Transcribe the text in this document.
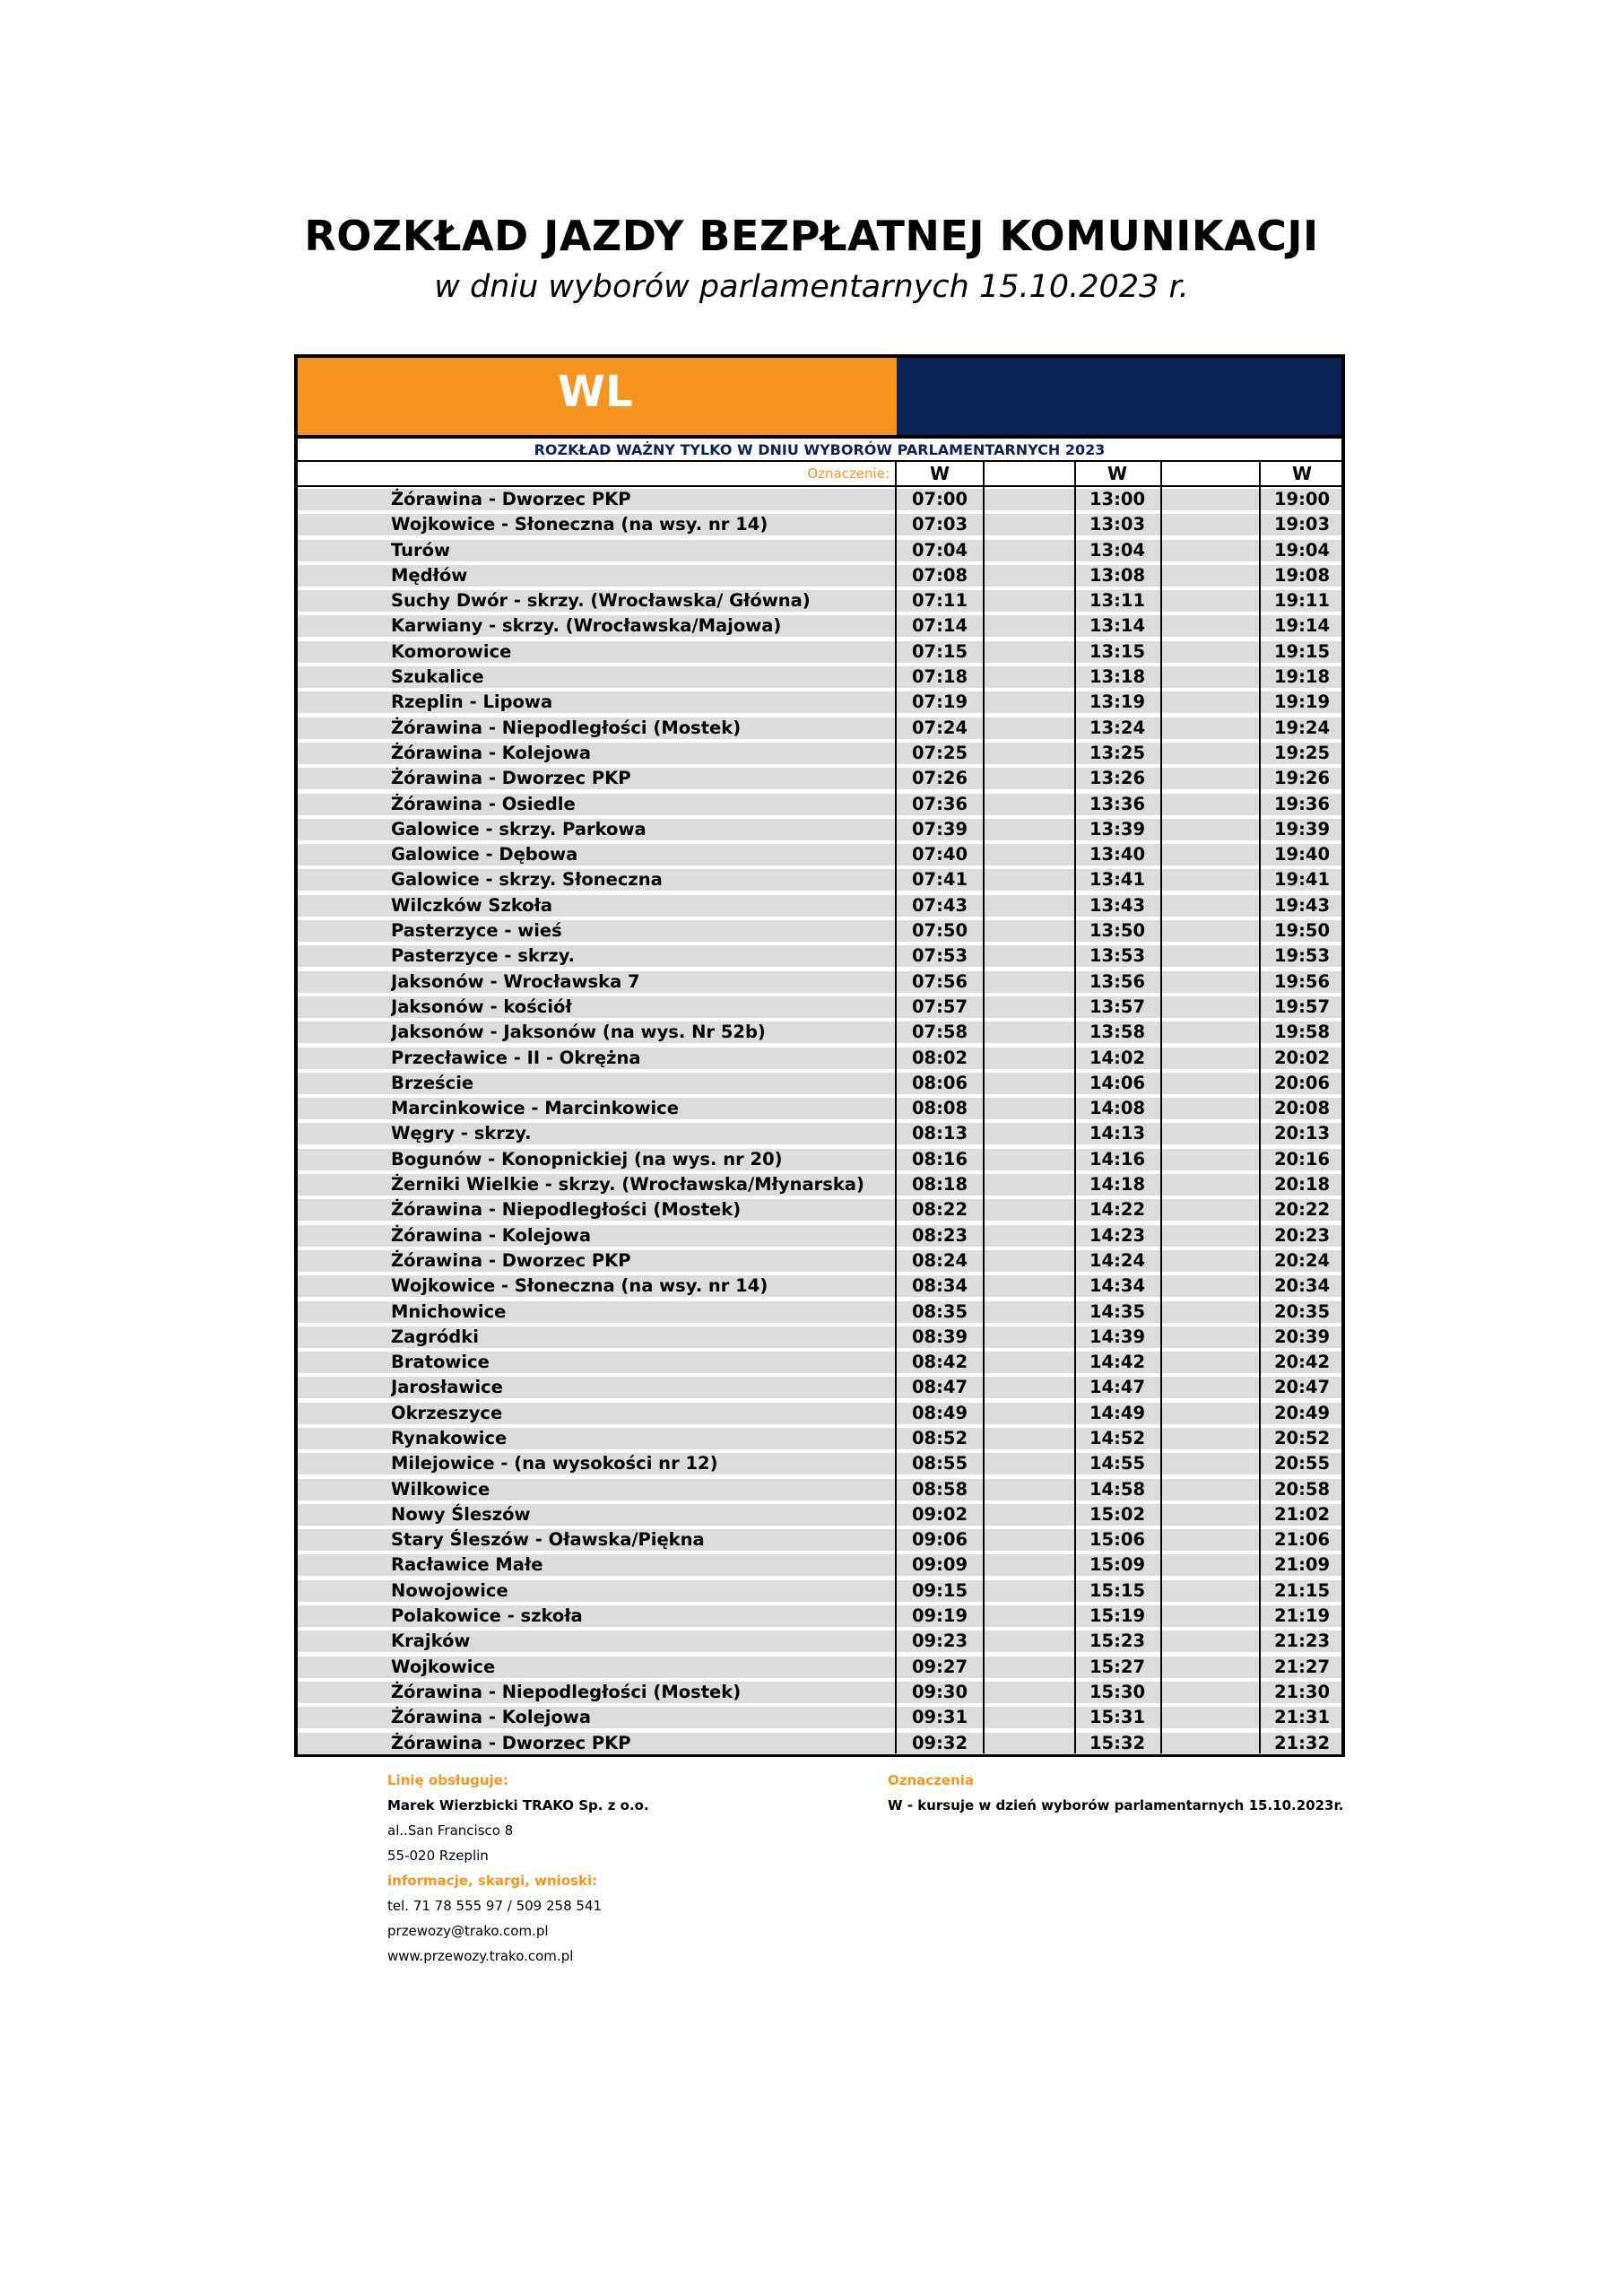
ROZKŁAD JAZDY BEZPŁATNEJ KOMUNIKACJI
w dniu wyborów parlamentarnych 15.10.2023 r.
WL
ROZKŁAD WAŻNY TYLKO W DNIU WYBORÓW PARLAMENTARNYCH 2023
Oznaczenie:	W	W	W
Żórawina - Dworzec PKP	07:00	13:00	19:00
Wojkowice - Słoneczna (na wsy. nr 14)	07:03	13:03	19:03
Turów	07:04	13:04	19:04
Mędłów	07:08	13:08	19:08
Suchy Dwór - skrzy. (Wrocławska/ Główna)	07:11	13:11	19:11
Karwiany - skrzy. (Wrocławska/Majowa)	07:14	13:14	19:14
Komorowice	07:15	13:15	19:15
Szukalice	07:18	13:18	19:18
Rzeplin - Lipowa	07:19	13:19	19:19
Żórawina - Niepodległości (Mostek)	07:24	13:24	19:24
Żórawina - Kolejowa	07:25	13:25	19:25
Żórawina - Dworzec PKP	07:26	13:26	19:26
Żórawina - Osiedle	07:36	13:36	19:36
Galowice - skrzy. Parkowa	07:39	13:39	19:39
Galowice - Dębowa	07:40	13:40	19:40
Galowice - skrzy. Słoneczna	07:41	13:41	19:41
Wilczków Szkoła	07:43	13:43	19:43
Pasterzyce - wieś	07:50	13:50	19:50
Pasterzyce - skrzy.	07:53	13:53	19:53
Jaksonów - Wrocławska 7	07:56	13:56	19:56
Jaksonów - kościół	07:57	13:57	19:57
Jaksonów - Jaksonów (na wys. Nr 52b)	07:58	13:58	19:58
Przecławice - II - Okrężna	08:02	14:02	20:02
Brzeście	08:06	14:06	20:06
Marcinkowice - Marcinkowice	08:08	14:08	20:08
Węgry - skrzy.	08:13	14:13	20:13
Bogunów - Konopnickiej (na wys. nr 20)	08:16	14:16	20:16
Żerniki Wielkie - skrzy. (Wrocławska/Młynarska)	08:18	14:18	20:18
Żórawina - Niepodległości (Mostek)	08:22	14:22	20:22
Żórawina - Kolejowa	08:23	14:23	20:23
Żórawina - Dworzec PKP	08:24	14:24	20:24
Wojkowice - Słoneczna (na wsy. nr 14)	08:34	14:34	20:34
Mnichowice	08:35	14:35	20:35
Zagródki	08:39	14:39	20:39
Bratowice	08:42	14:42	20:42
Jarosławice	08:47	14:47	20:47
Okrzeszyce	08:49	14:49	20:49
Rynakowice	08:52	14:52	20:52
Milejowice - (na wysokości nr 12)	08:55	14:55	20:55
Wilkowice	08:58	14:58	20:58
Nowy Śleszów	09:02	15:02	21:02
Stary Śleszów - Oławska/Piękna	09:06	15:06	21:06
Racławice Małe	09:09	15:09	21:09
Nowojowice	09:15	15:15	21:15
Polakowice - szkoła	09:19	15:19	21:19
Krajków	09:23	15:23	21:23
Wojkowice	09:27	15:27	21:27
Żórawina - Niepodległości (Mostek)	09:30	15:30	21:30
Żórawina - Kolejowa	09:31	15:31	21:31
Żórawina - Dworzec PKP	09:32	15:32	21:32
Linię obsługuje:
Marek Wierzbicki TRAKO Sp. z o.o.
al..San Francisco 8
55-020 Rzeplin
informacje, skargi, wnioski:
tel. 71 78 555 97 / 509 258 541
przewozy@trako.com.pl
www.przewozy.trako.com.pl
Oznaczenia
W - kursuje w dzień wyborów parlamentarnych 15.10.2023r.
